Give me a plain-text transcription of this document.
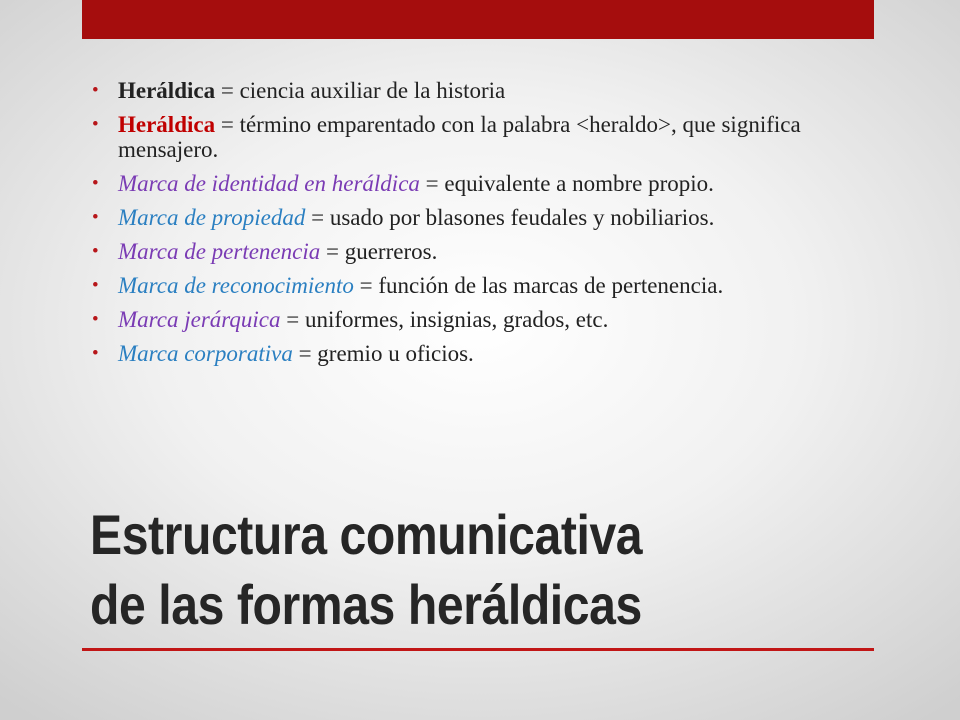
• Heráldica = ciencia auxiliar de la historia
• Heráldica = término emparentado con la palabra <heraldo>, que significa mensajero.
• Marca de identidad en heráldica = equivalente a nombre propio.
• Marca de propiedad = usado por blasones feudales y nobiliarios.
• Marca de pertenencia = guerreros.
• Marca de reconocimiento = función de las marcas de pertenencia.
• Marca jerárquica = uniformes, insignias, grados, etc.
• Marca corporativa = gremio u oficios.
Estructura comunicativa
de las formas heráldicas
